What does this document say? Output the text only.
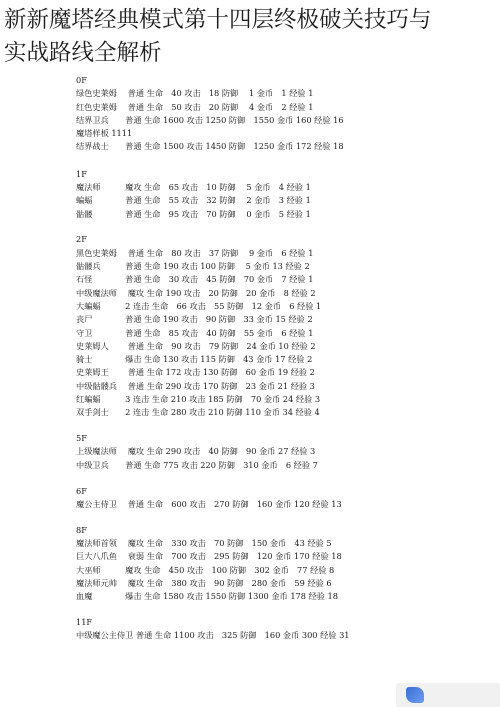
新新魔塔经典模式第十四层终极破关技巧与
实战路线全解析
0F
绿色史莱姆　 普通 生命　40 攻击　18 防御　 1 金币　1 经验 1
红色史莱姆　 普通 生命　50 攻击　20 防御　 4 金币　2 经验 1
结界卫兵　　普通 生命 1600 攻击 1250 防御　1550 金币 160 经验 16
魔塔样板 1111
结界战士　　普通 生命 1500 攻击 1450 防御　1250 金币 172 经验 18
1F
魔法师　　　魔攻 生命　65 攻击　10 防御　 5 金币　4 经验 1
蝙蝠　　　　普通 生命　55 攻击　32 防御　 2 金币　3 经验 1
骷髅　　　　普通 生命　95 攻击　70 防御　 0 金币　5 经验 1
2F
黑色史莱姆　 普通 生命　80 攻击　37 防御　 9 金币　6 经验 1
骷髅兵　　　普通 生命 190 攻击 100 防御　 5 金币 13 经验 2
石怪　　　　普通 生命　30 攻击　45 防御　70 金币　7 经验 1
中级魔法师　 魔攻 生命 190 攻击　20 防御　20 金币　8 经验 2
大蝙蝠　　　2 连击 生命　66 攻击　55 防御　12 金币　6 经验 1
丧尸　　　　普通 生命 190 攻击　90 防御　33 金币 15 经验 2
守卫　　　　普通 生命　85 攻击　40 防御　55 金币　6 经验 1
史莱姆人　　 普通 生命　90 攻击　79 防御　24 金币 10 经验 2
骑士　　　　爆击 生命 130 攻击 115 防御　43 金币 17 经验 2
史莱姆王　　 普通 生命 172 攻击 130 防御　60 金币 19 经验 2
中级骷髅兵　 普通 生命 290 攻击 170 防御　23 金币 21 经验 3
红蝙蝠　　　3 连击 生命 210 攻击 185 防御　70 金币 24 经验 3
双手剑士　　2 连击 生命 280 攻击 210 防御 110 金币 34 经验 4
5F
上级魔法师　 魔攻 生命 290 攻击　40 防御　90 金币 27 经验 3
中级卫兵　　普通 生命 775 攻击 220 防御　310 金币　6 经验 7
6F
魔公主侍卫　 普通 生命　600 攻击　270 防御　160 金币 120 经验 13
8F
魔法师首领　 魔攻 生命　330 攻击　70 防御　150 金币　43 经验 5
巨大八爪鱼　 衰弱 生命　700 攻击　295 防御　120 金币 170 经验 18
大巫师　　　魔攻 生命　450 攻击　100 防御　302 金币　77 经验 8
魔法师元帅　 魔攻 生命　380 攻击　90 防御　280 金币　59 经验 6
血魔　　　　爆击 生命 1580 攻击 1550 防御 1300 金币 178 经验 18
11F
中级魔公主侍卫 普通 生命 1100 攻击　325 防御　160 金币 300 经验 31
